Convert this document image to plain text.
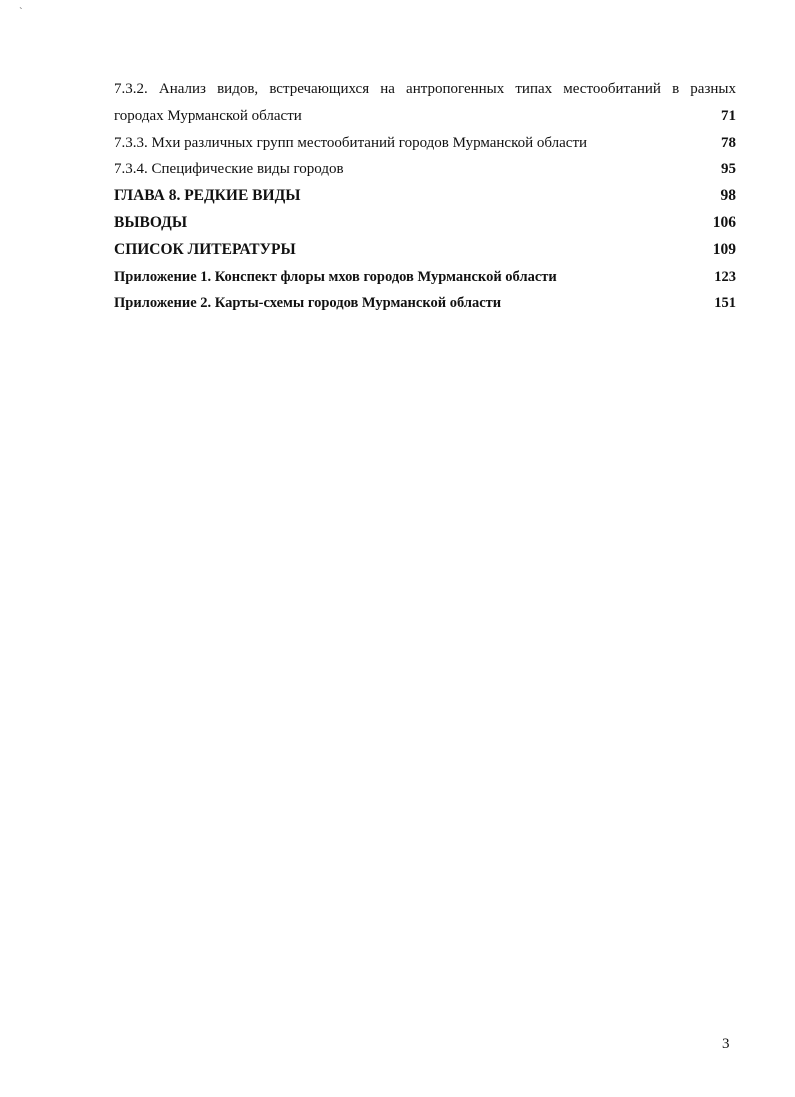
`
7.3.2. Анализ видов, встречающихся на антропогенных типах местообитаний в разных
городах Мурманской области	71
7.3.3. Мхи различных групп местообитаний городов Мурманской области	78
7.3.4. Специфические виды городов	95
ГЛАВА 8. РЕДКИЕ ВИДЫ	98
ВЫВОДЫ	106
СПИСОК ЛИТЕРАТУРЫ	109
Приложение 1. Конспект флоры мхов городов Мурманской области	123
Приложение 2. Карты-схемы городов Мурманской области	151
3
